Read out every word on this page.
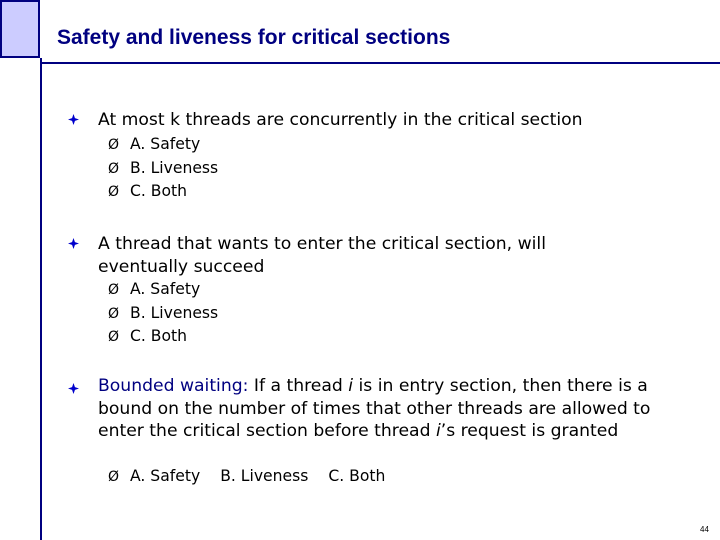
Safety and liveness for critical sections
At most k threads are concurrently in the critical section
Ø A. Safety
Ø B. Liveness
Ø C. Both
A thread that wants to enter the critical section, will eventually succeed
Ø A. Safety
Ø B. Liveness
Ø C. Both
Bounded waiting: If a thread i is in entry section, then there is a bound on the number of times that other threads are allowed to enter the critical section before thread i’s request is granted
Ø A. Safety B. Liveness C. Both
44
